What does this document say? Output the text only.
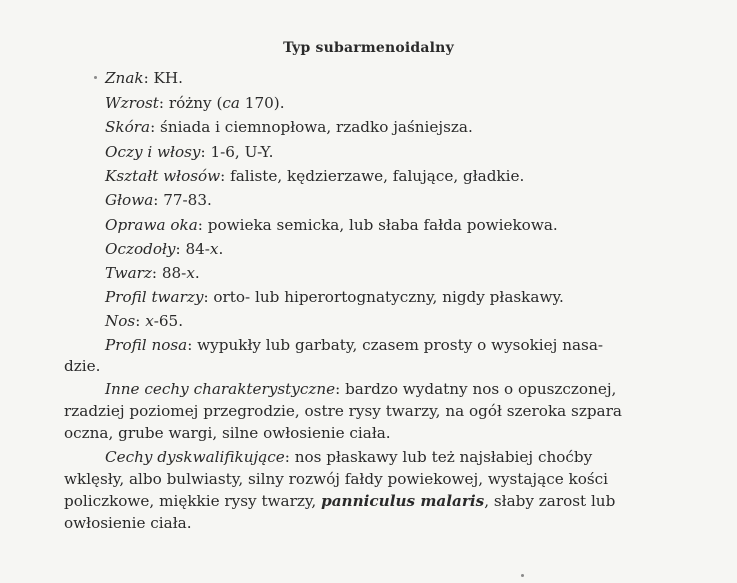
Typ subarmenoidalny
Znak: KH.
Wzrost: różny (ca 170).
Skóra: śniada i ciemnopłowa, rzadko jaśniejsza.
Oczy i włosy: 1-6, U-Y.
Kształt włosów: faliste, kędzierzawe, falujące, gładkie.
Głowa: 77-83.
Oprawa oka: powieka semicka, lub słaba fałda powiekowa.
Oczodoły: 84-x.
Twarz: 88-x.
Profil twarzy: orto- lub hiperortognatyczny, nigdy płaskawy.
Nos: x-65.
Profil nosa: wypukły lub garbaty, czasem prosty o wysokiej nasa-
dzie.
Inne cechy charakterystyczne: bardzo wydatny nos o opuszczonej,
rzadziej poziomej przegrodzie, ostre rysy twarzy, na ogół szeroka szpara
oczna, grube wargi, silne owłosienie ciała.
Cechy dyskwalifikujące: nos płaskawy lub też najsłabiej choćby
wklęsły, albo bulwiasty, silny rozwój fałdy powiekowej, wystające kości
policzkowe, miękkie rysy twarzy, panniculus malaris, słaby zarost lub
owłosienie ciała.
